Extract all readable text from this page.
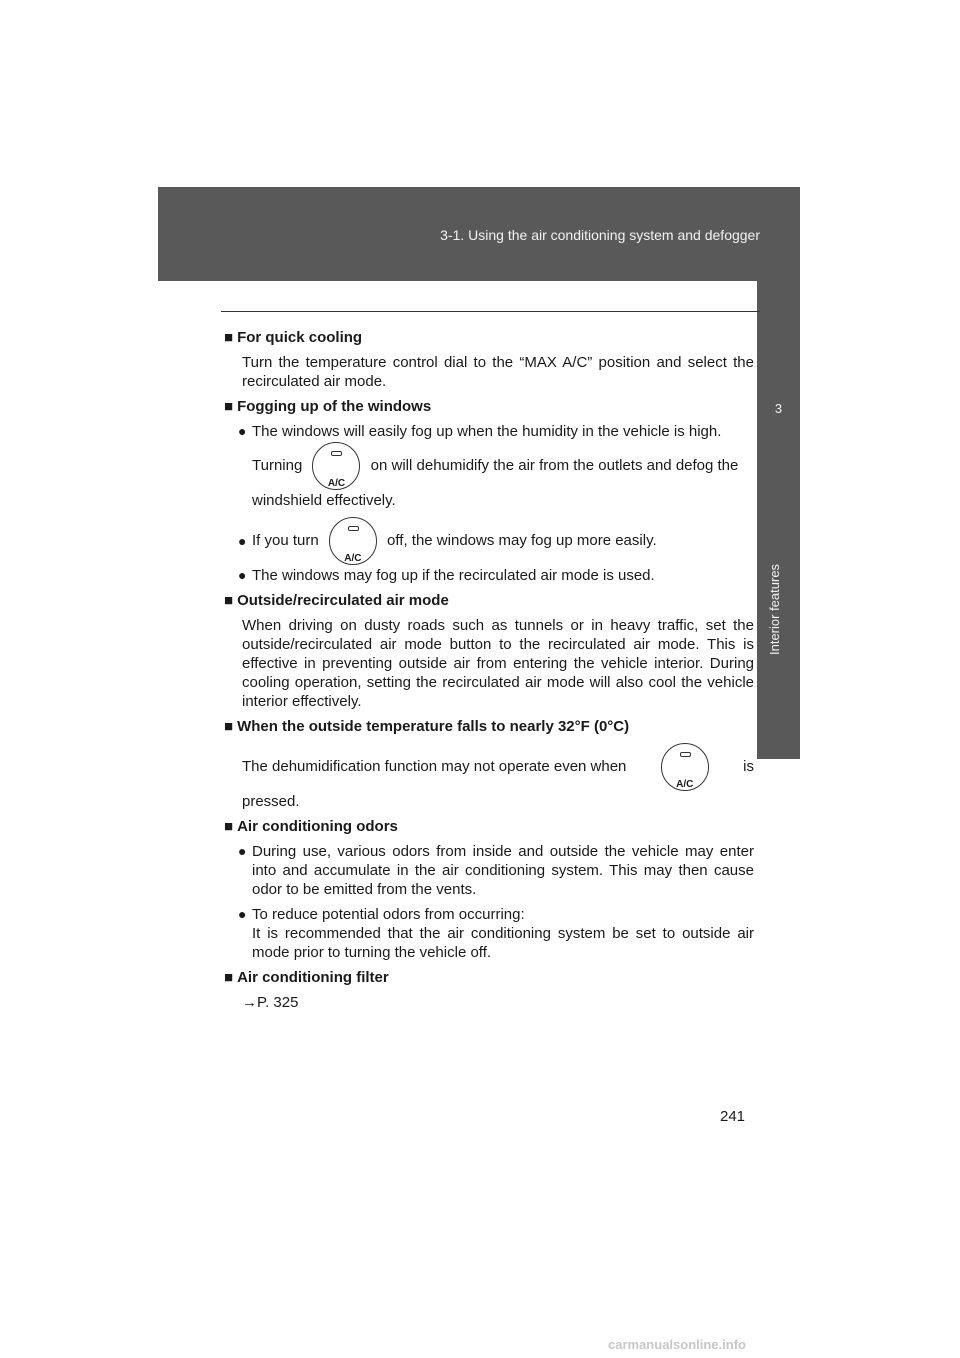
3-1. Using the air conditioning system and defogger
3
Interior features

■ For quick cooling

Turn the temperature control dial to the “MAX A/C” position and select the recirculated air mode.

■ Fogging up of the windows

● The windows will easily fog up when the humidity in the vehicle is high.
Turning
A/C
on will dehumidify the air from the outlets and defog the
windshield effectively.
● If you turn
A/C
off, the windows may fog up more easily.
● The windows may fog up if the recirculated air mode is used.

■ Outside/recirculated air mode

When driving on dusty roads such as tunnels or in heavy traffic, set the outside/recirculated air mode button to the recirculated air mode. This is effective in preventing outside air from entering the vehicle interior. During cooling operation, setting the recirculated air mode will also cool the vehicle interior effectively.

■ When the outside temperature falls to nearly 32°F (0°C)

The dehumidification function may not operate even when
A/C
is

pressed.

■ Air conditioning odors

● During use, various odors from inside and outside the vehicle may enter into and accumulate in the air conditioning system. This may then cause odor to be emitted from the vents.
● To reduce potential odors from occurring:
It is recommended that the air conditioning system be set to outside air mode prior to turning the vehicle off.

■ Air conditioning filter

→P. 325

241
carmanualsonline.info
